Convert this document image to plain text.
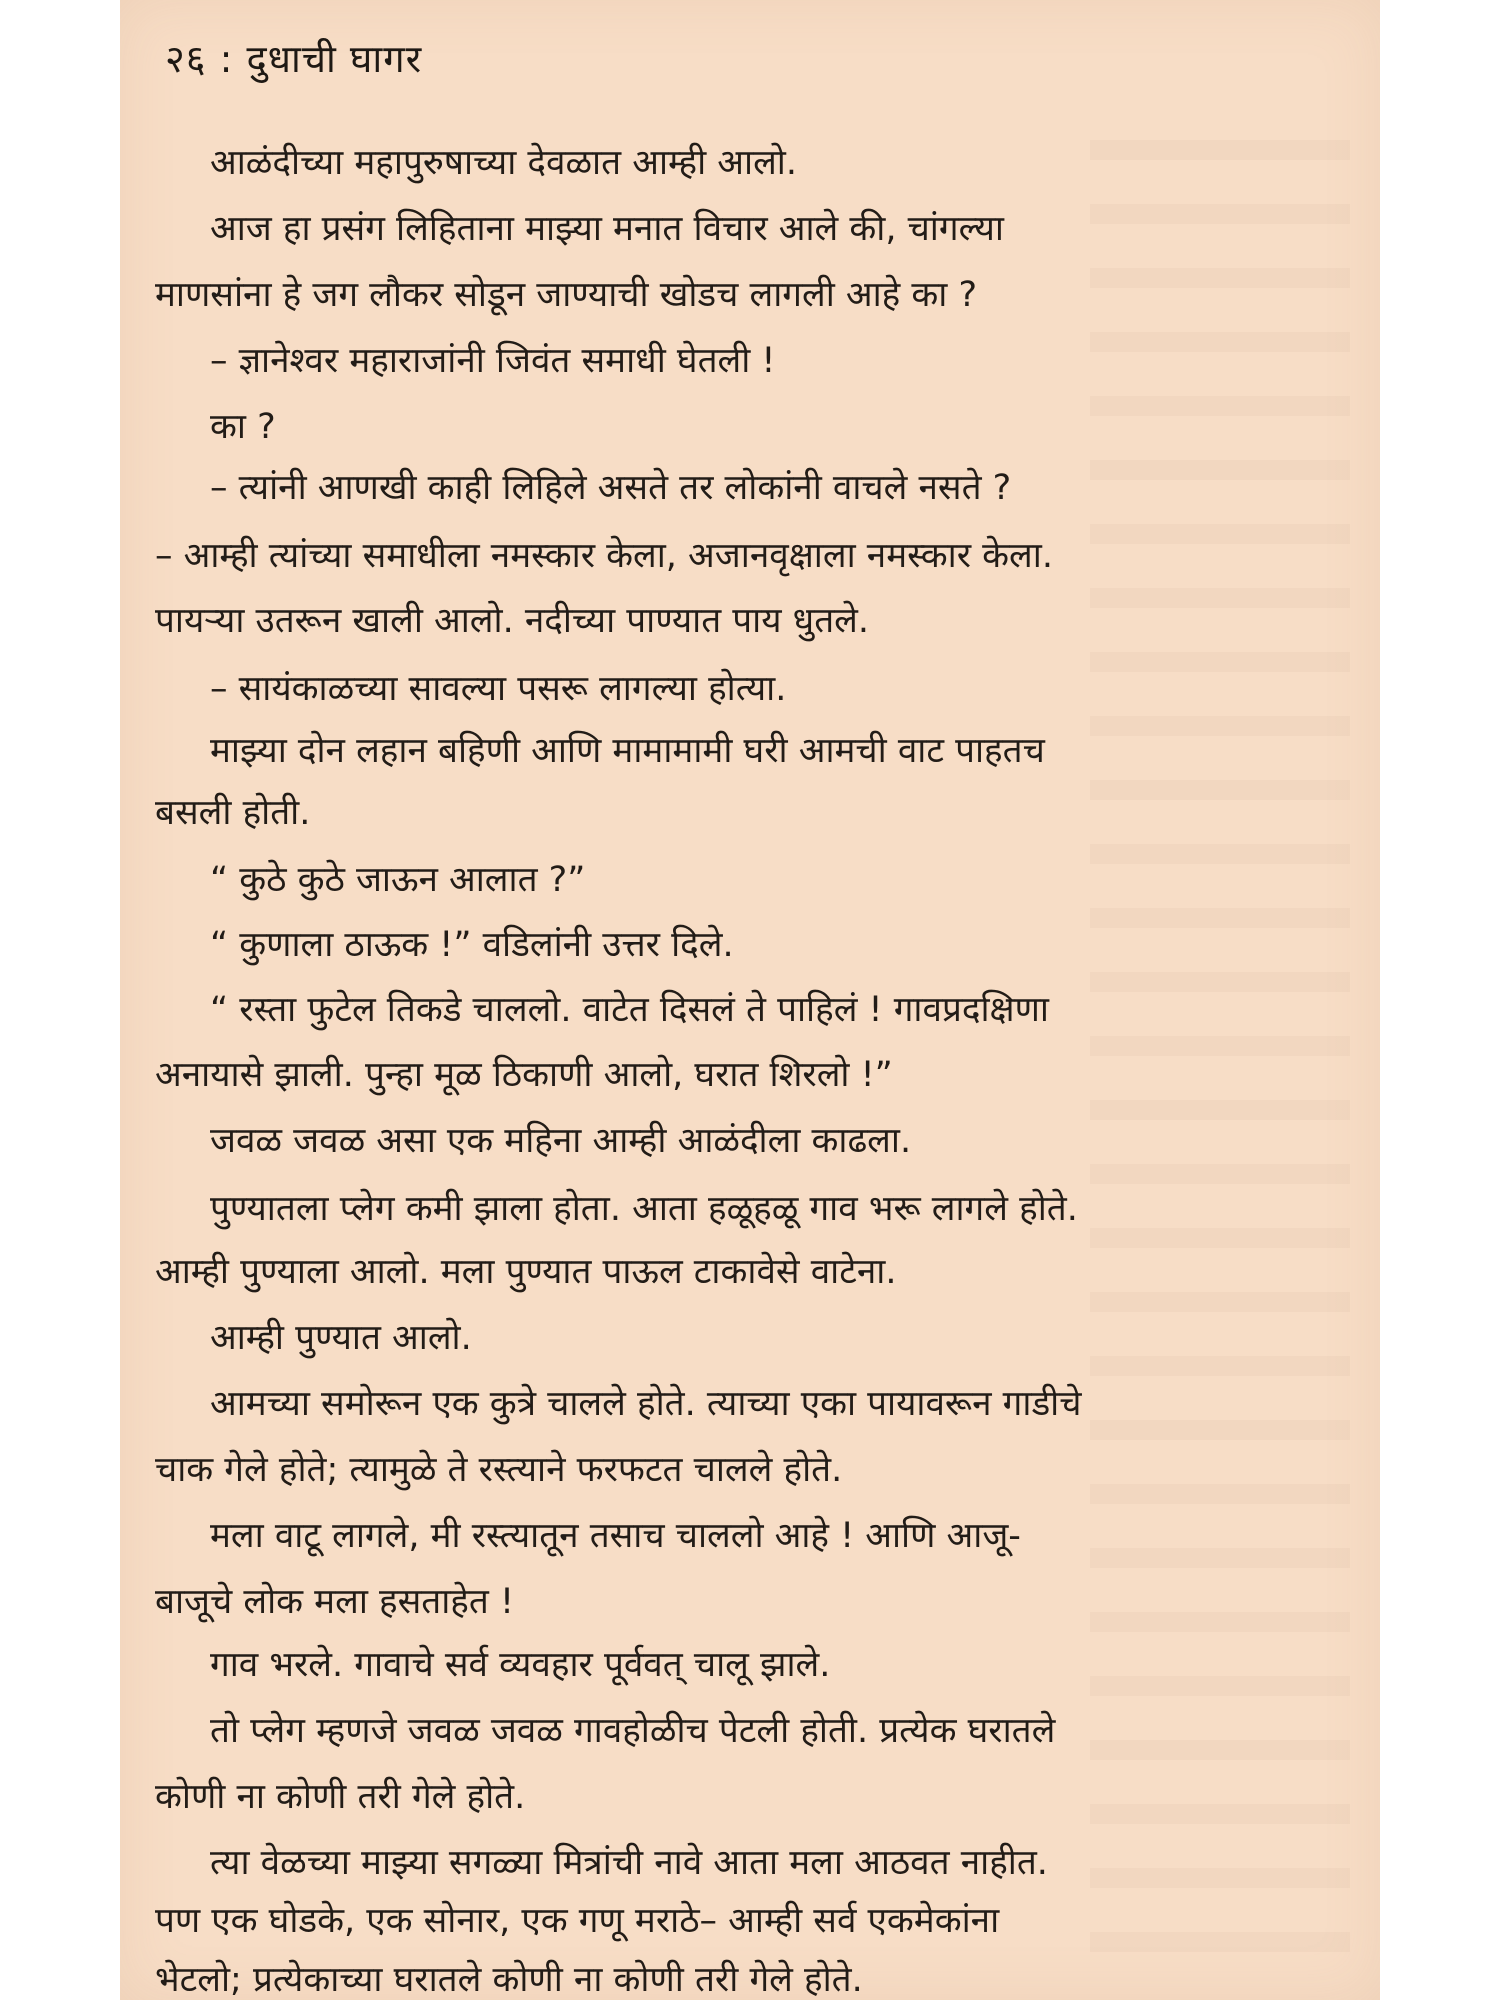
२६ : दुधाची घागर
आळंदीच्या महापुरुषाच्या देवळात आम्ही आलो.
आज हा प्रसंग लिहिताना माझ्या मनात विचार आले की, चांगल्या
माणसांना हे जग लौकर सोडून जाण्याची खोडच लागली आहे का ?
– ज्ञानेश्वर महाराजांनी जिवंत समाधी घेतली !
का ?
– त्यांनी आणखी काही लिहिले असते तर लोकांनी वाचले नसते ?
– आम्ही त्यांच्या समाधीला नमस्कार केला, अजानवृक्षाला नमस्कार केला.
पायऱ्या उतरून खाली आलो. नदीच्या पाण्यात पाय धुतले.
– सायंकाळच्या सावल्या पसरू लागल्या होत्या.
माझ्या दोन लहान बहिणी आणि मामामामी घरी आमची वाट पाहतच
बसली होती.
“ कुठे कुठे जाऊन आलात ?”
“ कुणाला ठाऊक !” वडिलांनी उत्तर दिले.
“ रस्ता फुटेल तिकडे चाललो. वाटेत दिसलं ते पाहिलं ! गावप्रदक्षिणा
अनायासे झाली. पुन्हा मूळ ठिकाणी आलो, घरात शिरलो !”
जवळ जवळ असा एक महिना आम्ही आळंदीला काढला.
पुण्यातला प्लेग कमी झाला होता. आता हळूहळू गाव भरू लागले होते.
आम्ही पुण्याला आलो. मला पुण्यात पाऊल टाकावेसे वाटेना.
आम्ही पुण्यात आलो.
आमच्या समोरून एक कुत्रे चालले होते. त्याच्या एका पायावरून गाडीचे
चाक गेले होते; त्यामुळे ते रस्त्याने फरफटत चालले होते.
मला वाटू लागले, मी रस्त्यातून तसाच चाललो आहे ! आणि आजू-
बाजूचे लोक मला हसताहेत !
गाव भरले. गावाचे सर्व व्यवहार पूर्ववत् चालू झाले.
तो प्लेग म्हणजे जवळ जवळ गावहोळीच पेटली होती. प्रत्येक घरातले
कोणी ना कोणी तरी गेले होते.
त्या वेळच्या माझ्या सगळ्या मित्रांची नावे आता मला आठवत नाहीत.
पण एक घोडके, एक सोनार, एक गणू मराठे– आम्ही सर्व एकमेकांना
भेटलो; प्रत्येकाच्या घरातले कोणी ना कोणी तरी गेले होते.
